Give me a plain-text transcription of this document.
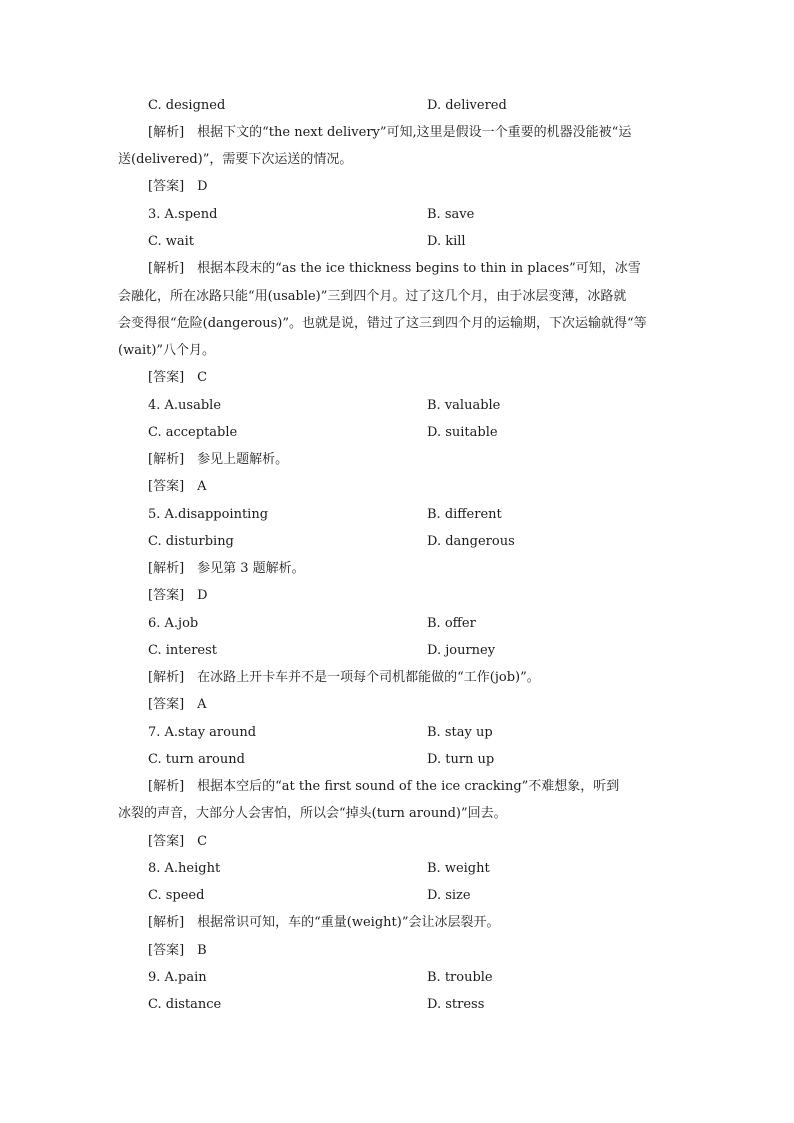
C. designed	D. delivered
[解析]　根据下文的“the next delivery”可知,这里是假设一个重要的机器没能被“运
送(delivered)”，需要下次运送的情况。
[答案]　D
3. A.spend	B. save
C. wait	D. kill
[解析]　根据本段末的“as the ice thickness begins to thin in places”可知，冰雪
会融化，所在冰路只能“用(usable)”三到四个月。过了这几个月，由于冰层变薄，冰路就
会变得很“危险(dangerous)”。也就是说，错过了这三到四个月的运输期，下次运输就得“等
(wait)”八个月。
[答案]　C
4. A.usable	B. valuable
C. acceptable	D. suitable
[解析]　参见上题解析。
[答案]　A
5. A.disappointing	B. different
C. disturbing	D. dangerous
[解析]　参见第 3 题解析。
[答案]　D
6. A.job	B. offer
C. interest	D. journey
[解析]　在冰路上开卡车并不是一项每个司机都能做的“工作(job)”。
[答案]　A
7. A.stay around	B. stay up
C. turn around	D. turn up
[解析]　根据本空后的“at the first sound of the ice cracking”不难想象，听到
冰裂的声音，大部分人会害怕，所以会“掉头(turn around)”回去。
[答案]　C
8. A.height	B. weight
C. speed	D. size
[解析]　根据常识可知，车的“重量(weight)”会让冰层裂开。
[答案]　B
9. A.pain	B. trouble
C. distance	D. stress
